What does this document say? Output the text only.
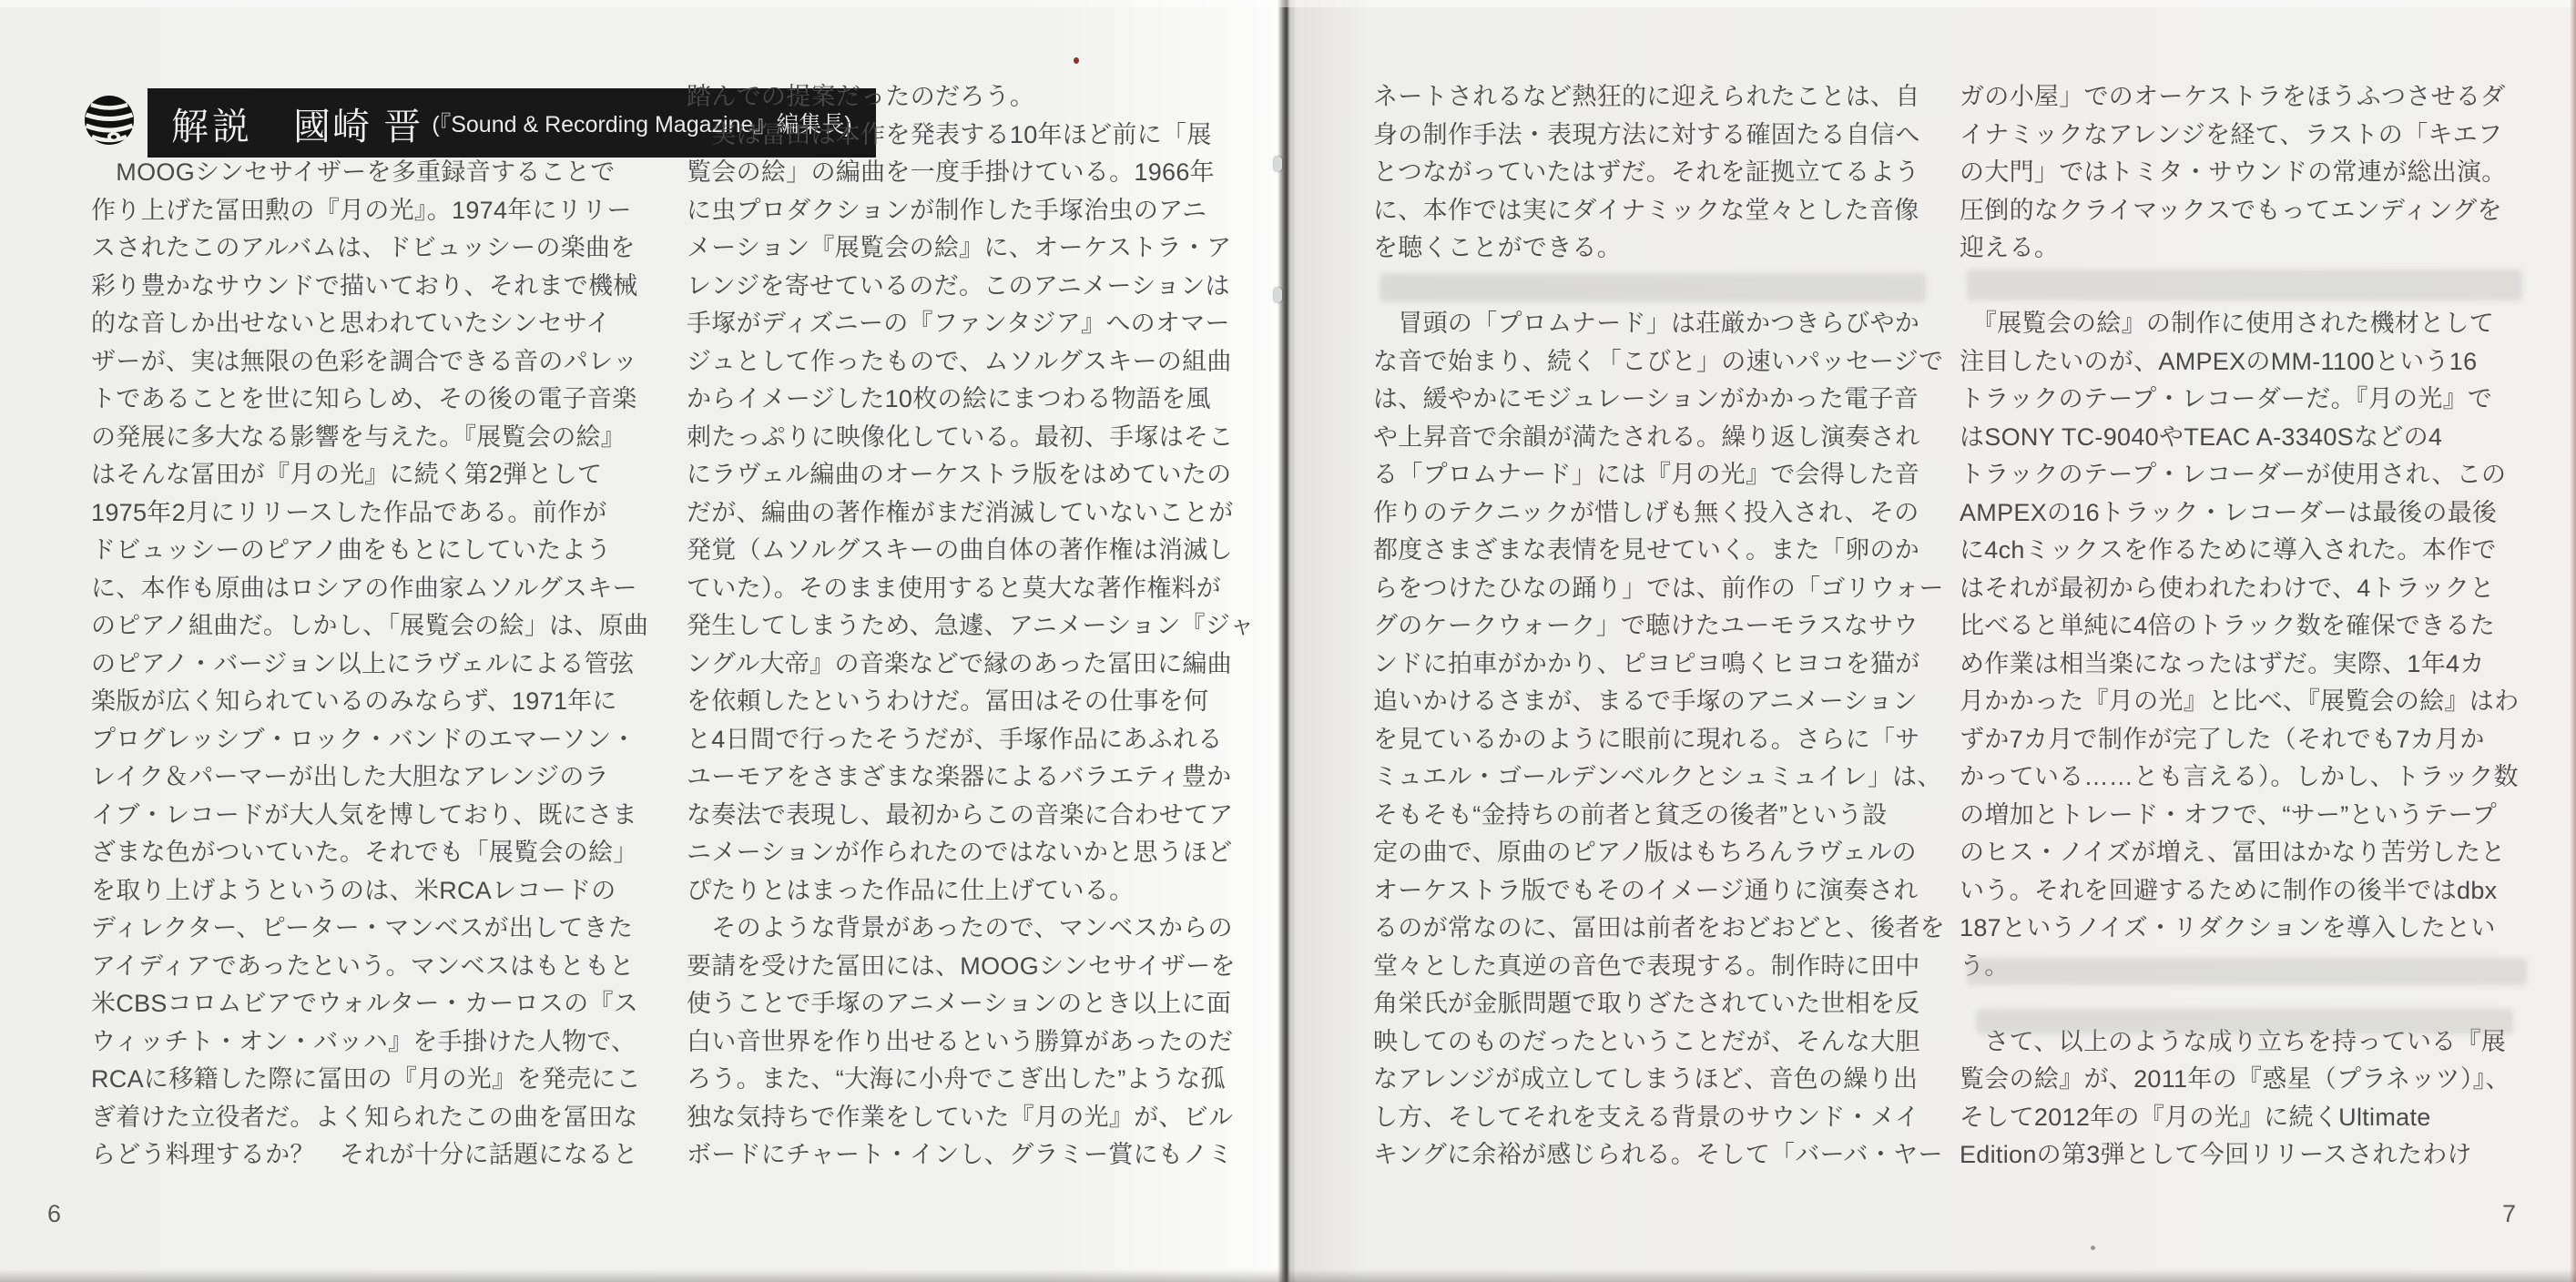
解説 國崎 晋 (『Sound & Recording Magazine』編集長)
　MOOGシンセサイザーを多重録音することで
作り上げた冨田勲の『月の光』。1974年にリリー
スされたこのアルバムは、ドビュッシーの楽曲を
彩り豊かなサウンドで描いており、それまで機械
的な音しか出せないと思われていたシンセサイ
ザーが、実は無限の色彩を調合できる音のパレッ
トであることを世に知らしめ、その後の電子音楽
の発展に多大なる影響を与えた。『展覧会の絵』
はそんな冨田が『月の光』に続く第2弾として
1975年2月にリリースした作品である。前作が
ドビュッシーのピアノ曲をもとにしていたよう
に、本作も原曲はロシアの作曲家ムソルグスキー
のピアノ組曲だ。しかし、「展覧会の絵」は、原曲
のピアノ・バージョン以上にラヴェルによる管弦
楽版が広く知られているのみならず、1971年に
プログレッシブ・ロック・バンドのエマーソン・
レイク＆パーマーが出した大胆なアレンジのラ
イブ・レコードが大人気を博しており、既にさま
ざまな色がついていた。それでも「展覧会の絵」
を取り上げようというのは、米RCAレコードの
ディレクター、ピーター・マンベスが出してきた
アイディアであったという。マンベスはもともと
米CBSコロムビアでウォルター・カーロスの『ス
ウィッチト・オン・バッハ』を手掛けた人物で、
RCAに移籍した際に冨田の『月の光』を発売にこ
ぎ着けた立役者だ。よく知られたこの曲を冨田な
らどう料理するか？　それが十分に話題になると
踏んでの提案だったのだろう。
　実は冨田は本作を発表する10年ほど前に「展
覧会の絵」の編曲を一度手掛けている。1966年
に虫プロダクションが制作した手塚治虫のアニ
メーション『展覧会の絵』に、オーケストラ・ア
レンジを寄せているのだ。このアニメーションは
手塚がディズニーの『ファンタジア』へのオマー
ジュとして作ったもので、ムソルグスキーの組曲
からイメージした10枚の絵にまつわる物語を風
刺たっぷりに映像化している。最初、手塚はそこ
にラヴェル編曲のオーケストラ版をはめていたの
だが、編曲の著作権がまだ消滅していないことが
発覚（ムソルグスキーの曲自体の著作権は消滅し
ていた）。そのまま使用すると莫大な著作権料が
発生してしまうため、急遽、アニメーション『ジャ
ングル大帝』の音楽などで縁のあった冨田に編曲
を依頼したというわけだ。冨田はその仕事を何
と4日間で行ったそうだが、手塚作品にあふれる
ユーモアをさまざまな楽器によるバラエティ豊か
な奏法で表現し、最初からこの音楽に合わせてア
ニメーションが作られたのではないかと思うほど
ぴたりとはまった作品に仕上げている。
　そのような背景があったので、マンベスからの
要請を受けた冨田には、MOOGシンセサイザーを
使うことで手塚のアニメーションのとき以上に面
白い音世界を作り出せるという勝算があったのだ
ろう。また、“大海に小舟でこぎ出した”ような孤
独な気持ちで作業をしていた『月の光』が、ビル
ボードにチャート・インし、グラミー賞にもノミ
ネートされるなど熱狂的に迎えられたことは、自
身の制作手法・表現方法に対する確固たる自信へ
とつながっていたはずだ。それを証拠立てるよう
に、本作では実にダイナミックな堂々とした音像
を聴くことができる。

　冒頭の「プロムナード」は荘厳かつきらびやか
な音で始まり、続く「こびと」の速いパッセージで
は、緩やかにモジュレーションがかかった電子音
や上昇音で余韻が満たされる。繰り返し演奏され
る「プロムナード」には『月の光』で会得した音
作りのテクニックが惜しげも無く投入され、その
都度さまざまな表情を見せていく。また「卵のか
らをつけたひなの踊り」では、前作の「ゴリウォー
グのケークウォーク」で聴けたユーモラスなサウ
ンドに拍車がかかり、ピヨピヨ鳴くヒヨコを猫が
追いかけるさまが、まるで手塚のアニメーション
を見ているかのように眼前に現れる。さらに「サ
ミュエル・ゴールデンベルクとシュミュイレ」は、
そもそも“金持ちの前者と貧乏の後者”という設
定の曲で、原曲のピアノ版はもちろんラヴェルの
オーケストラ版でもそのイメージ通りに演奏され
るのが常なのに、冨田は前者をおどおどと、後者を
堂々とした真逆の音色で表現する。制作時に田中
角栄氏が金脈問題で取りざたされていた世相を反
映してのものだったということだが、そんな大胆
なアレンジが成立してしまうほど、音色の繰り出
し方、そしてそれを支える背景のサウンド・メイ
キングに余裕が感じられる。そして「バーバ・ヤー
ガの小屋」でのオーケストラをほうふつさせるダ
イナミックなアレンジを経て、ラストの「キエフ
の大門」ではトミタ・サウンドの常連が総出演。
圧倒的なクライマックスでもってエンディングを
迎える。

　『展覧会の絵』の制作に使用された機材として
注目したいのが、AMPEXのMM-1100という16
トラックのテープ・レコーダーだ。『月の光』で
はSONY TC-9040やTEAC A-3340Sなどの4
トラックのテープ・レコーダーが使用され、この
AMPEXの16トラック・レコーダーは最後の最後
に4chミックスを作るために導入された。本作で
はそれが最初から使われたわけで、4トラックと
比べると単純に4倍のトラック数を確保できるた
め作業は相当楽になったはずだ。実際、1年4カ
月かかった『月の光』と比べ、『展覧会の絵』はわ
ずか7カ月で制作が完了した（それでも7カ月か
かっている……とも言える）。しかし、トラック数
の増加とトレード・オフで、“サー”というテープ
のヒス・ノイズが増え、冨田はかなり苦労したと
いう。それを回避するために制作の後半ではdbx
187というノイズ・リダクションを導入したとい
う。

　さて、以上のような成り立ちを持っている『展
覧会の絵』が、2011年の『惑星（プラネッツ）』、
そして2012年の『月の光』に続くUltimate
Editionの第3弾として今回リリースされたわけ
6	7
